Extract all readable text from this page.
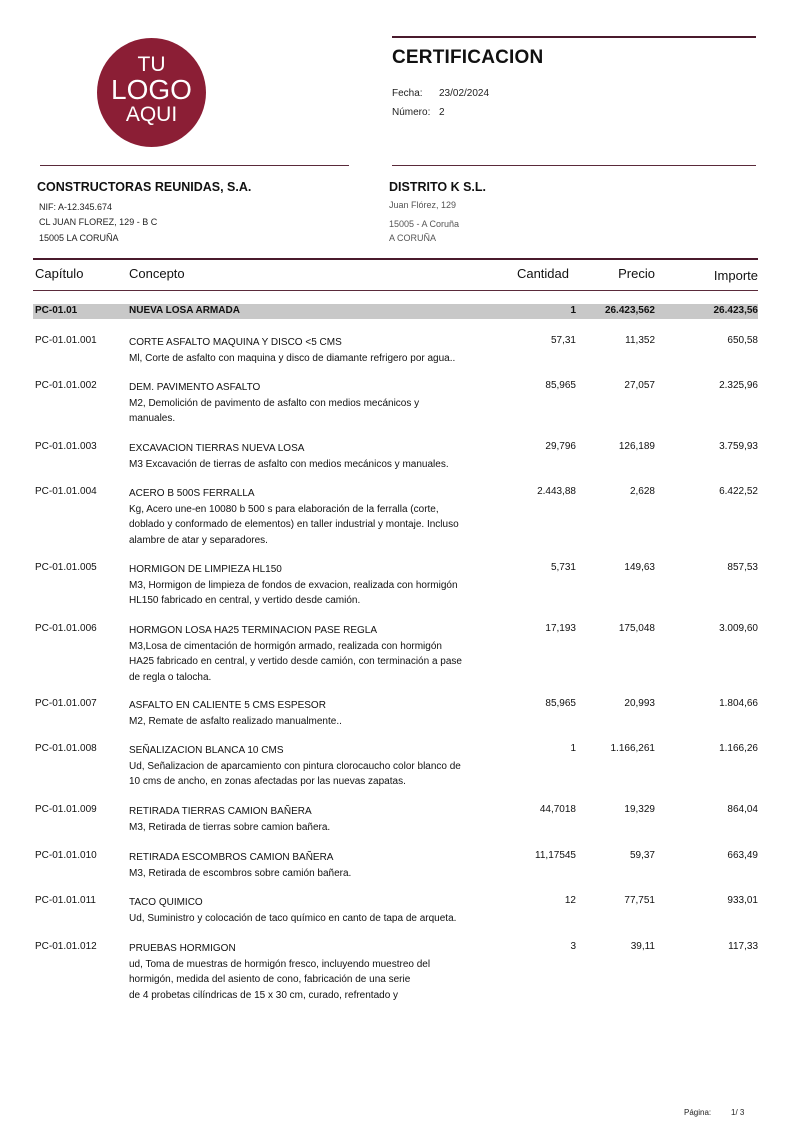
TU
LOGO
AQUI
CERTIFICACION
Fecha: 23/02/2024
Número: 2
CONSTRUCTORAS REUNIDAS, S.A.
NIF: A-12.345.674
CL JUAN FLOREZ, 129 - B C
15005 LA CORUÑA
DISTRITO K S.L.
Juan Flórez, 129
15005 - A Coruña
A CORUÑA
Capítulo	Concepto	Cantidad	Precio	Importe
PC-01.01	NUEVA LOSA ARMADA	1	26.423,562	26.423,56
PC-01.01.001	CORTE ASFALTO MAQUINA Y DISCO <5 CMS
Ml, Corte de asfalto con maquina y disco de diamante refrigero por agua..
57,31	11,352	650,58
PC-01.01.002	DEM. PAVIMENTO ASFALTO
M2, Demolición de pavimento de asfalto con medios mecánicos y
manuales.
85,965	27,057	2.325,96
PC-01.01.003	EXCAVACION TIERRAS NUEVA LOSA
M3 Excavación de tierras de asfalto con medios mecánicos y manuales.
29,796	126,189	3.759,93
PC-01.01.004	ACERO B 500S FERRALLA
Kg, Acero une-en 10080 b 500 s para elaboración de la ferralla (corte,
doblado y conformado de elementos) en taller industrial y montaje. Incluso
alambre de atar y separadores.
2.443,88	2,628	6.422,52
PC-01.01.005	HORMIGON DE LIMPIEZA HL150
M3, Hormigon de limpieza de fondos de exvacion, realizada con hormigón
HL150 fabricado en central, y vertido desde camión.
5,731	149,63	857,53
PC-01.01.006	HORMGON LOSA HA25 TERMINACION PASE REGLA
M3,Losa de cimentación de hormigón armado, realizada con hormigón
HA25 fabricado en central, y vertido desde camión, con terminación a pase
de regla o talocha.
17,193	175,048	3.009,60
PC-01.01.007	ASFALTO EN CALIENTE 5 CMS ESPESOR
M2, Remate de asfalto realizado manualmente..
85,965	20,993	1.804,66
PC-01.01.008	SEÑALIZACION BLANCA 10 CMS
Ud, Señalizacion de aparcamiento con pintura clorocaucho color blanco de
10 cms de ancho, en zonas afectadas por las nuevas zapatas.
1	1.166,261	1.166,26
PC-01.01.009	RETIRADA TIERRAS CAMION BAÑERA
M3, Retirada de tierras sobre camion bañera.
44,7018	19,329	864,04
PC-01.01.010	RETIRADA ESCOMBROS CAMION BAÑERA
M3, Retirada de escombros sobre camión bañera.
11,17545	59,37	663,49
PC-01.01.011	TACO QUIMICO
Ud, Suministro y colocación de taco químico en canto de tapa de arqueta.
12	77,751	933,01
PC-01.01.012	PRUEBAS HORMIGON
ud, Toma de muestras de hormigón fresco, incluyendo muestreo del
hormigón, medida del asiento de cono, fabricación de una serie
de 4 probetas cilíndricas de 15 x 30 cm, curado, refrentado y
3	39,11	117,33
Página: 1/ 3
